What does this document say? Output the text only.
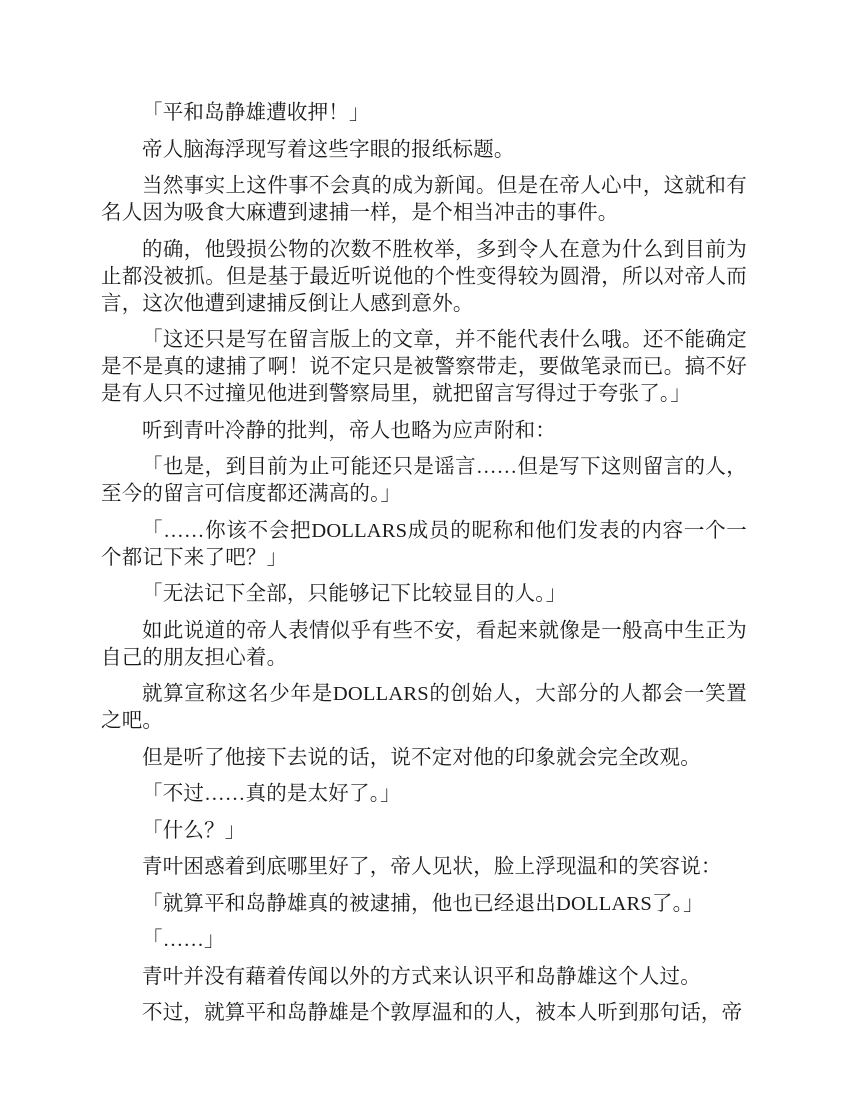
「平和岛静雄遭收押！」

帝人脑海浮现写着这些字眼的报纸标题。

当然事实上这件事不会真的成为新闻。但是在帝人心中，这就和有名人因为吸食大麻遭到逮捕一样，是个相当冲击的事件。

的确，他毁损公物的次数不胜枚举，多到令人在意为什么到目前为止都没被抓。但是基于最近听说他的个性变得较为圆滑，所以对帝人而言，这次他遭到逮捕反倒让人感到意外。

「这还只是写在留言版上的文章，并不能代表什么哦。还不能确定是不是真的逮捕了啊！说不定只是被警察带走，要做笔录而已。搞不好是有人只不过撞见他进到警察局里，就把留言写得过于夸张了。」

听到青叶冷静的批判，帝人也略为应声附和：

「也是，到目前为止可能还只是谣言……但是写下这则留言的人，至今的留言可信度都还满高的。」

「……你该不会把DOLLARS成员的昵称和他们发表的内容一个一个都记下来了吧？」

「无法记下全部，只能够记下比较显目的人。」

如此说道的帝人表情似乎有些不安，看起来就像是一般高中生正为自己的朋友担心着。

就算宣称这名少年是DOLLARS的创始人，大部分的人都会一笑置之吧。

但是听了他接下去说的话，说不定对他的印象就会完全改观。

「不过……真的是太好了。」

「什么？」

青叶困惑着到底哪里好了，帝人见状，脸上浮现温和的笑容说：

「就算平和岛静雄真的被逮捕，他也已经退出DOLLARS了。」

「……」

青叶并没有藉着传闻以外的方式来认识平和岛静雄这个人过。

不过，就算平和岛静雄是个敦厚温和的人，被本人听到那句话，帝
